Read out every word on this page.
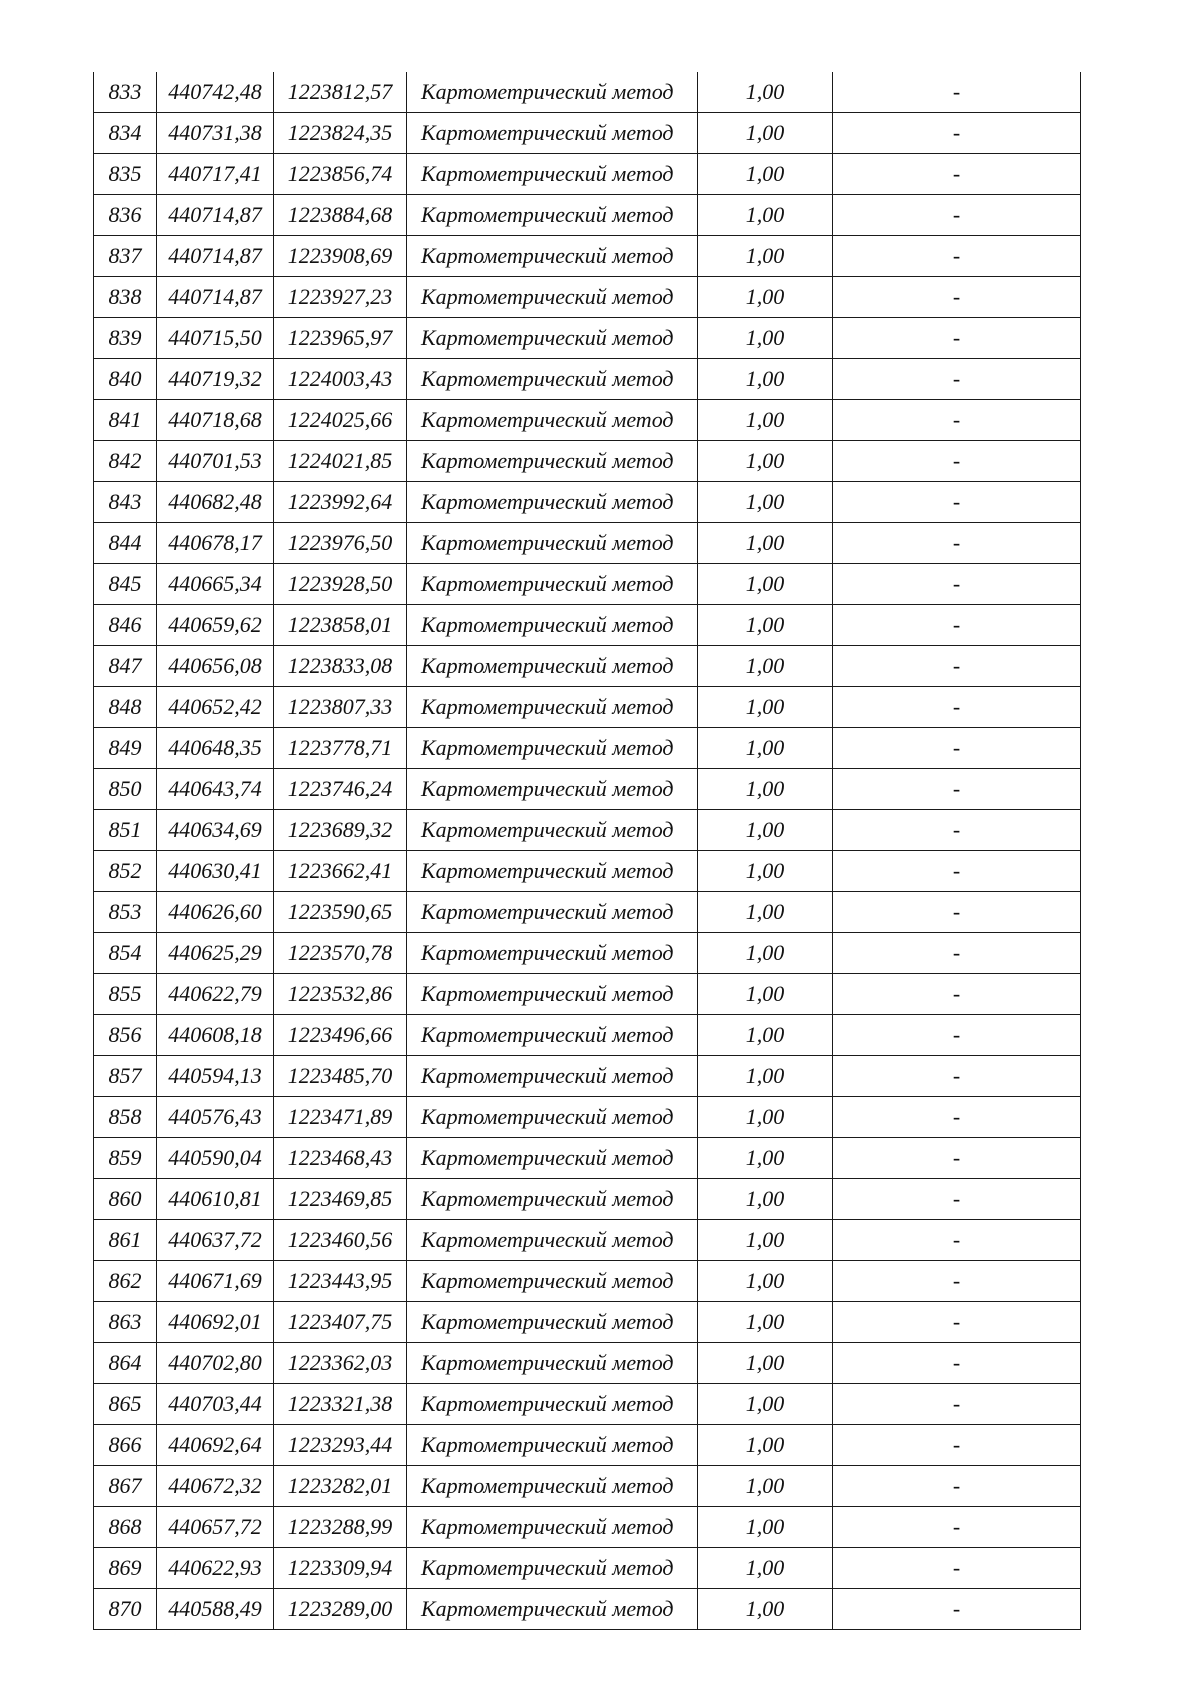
833	440742,48	1223812,57	Картометрический метод	1,00	-
834	440731,38	1223824,35	Картометрический метод	1,00	-
835	440717,41	1223856,74	Картометрический метод	1,00	-
836	440714,87	1223884,68	Картометрический метод	1,00	-
837	440714,87	1223908,69	Картометрический метод	1,00	-
838	440714,87	1223927,23	Картометрический метод	1,00	-
839	440715,50	1223965,97	Картометрический метод	1,00	-
840	440719,32	1224003,43	Картометрический метод	1,00	-
841	440718,68	1224025,66	Картометрический метод	1,00	-
842	440701,53	1224021,85	Картометрический метод	1,00	-
843	440682,48	1223992,64	Картометрический метод	1,00	-
844	440678,17	1223976,50	Картометрический метод	1,00	-
845	440665,34	1223928,50	Картометрический метод	1,00	-
846	440659,62	1223858,01	Картометрический метод	1,00	-
847	440656,08	1223833,08	Картометрический метод	1,00	-
848	440652,42	1223807,33	Картометрический метод	1,00	-
849	440648,35	1223778,71	Картометрический метод	1,00	-
850	440643,74	1223746,24	Картометрический метод	1,00	-
851	440634,69	1223689,32	Картометрический метод	1,00	-
852	440630,41	1223662,41	Картометрический метод	1,00	-
853	440626,60	1223590,65	Картометрический метод	1,00	-
854	440625,29	1223570,78	Картометрический метод	1,00	-
855	440622,79	1223532,86	Картометрический метод	1,00	-
856	440608,18	1223496,66	Картометрический метод	1,00	-
857	440594,13	1223485,70	Картометрический метод	1,00	-
858	440576,43	1223471,89	Картометрический метод	1,00	-
859	440590,04	1223468,43	Картометрический метод	1,00	-
860	440610,81	1223469,85	Картометрический метод	1,00	-
861	440637,72	1223460,56	Картометрический метод	1,00	-
862	440671,69	1223443,95	Картометрический метод	1,00	-
863	440692,01	1223407,75	Картометрический метод	1,00	-
864	440702,80	1223362,03	Картометрический метод	1,00	-
865	440703,44	1223321,38	Картометрический метод	1,00	-
866	440692,64	1223293,44	Картометрический метод	1,00	-
867	440672,32	1223282,01	Картометрический метод	1,00	-
868	440657,72	1223288,99	Картометрический метод	1,00	-
869	440622,93	1223309,94	Картометрический метод	1,00	-
870	440588,49	1223289,00	Картометрический метод	1,00	-
